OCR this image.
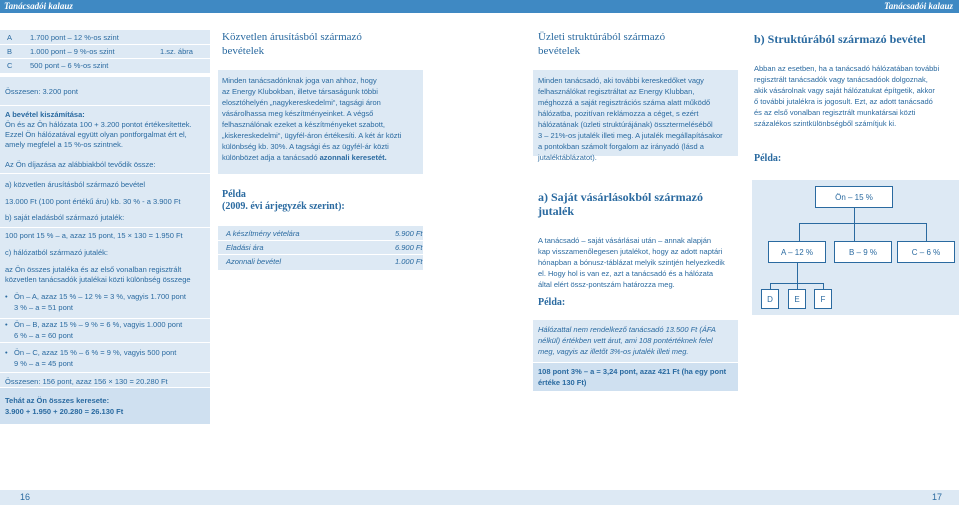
Tanácsadói kalauz	Tanácsadói kalauz
16	17
A 1.700 pont – 12 %-os szint
B 1.000 pont – 9 %-os szint	1.sz. ábra
C 500 pont – 6 %-os szint
Összesen: 3.200 pont
A bevétel kiszámítása:
Ön és az Ön hálózata 100 + 3.200 pontot értékesítettek.
Ezzel Ön hálózatával együtt olyan pontforgalmat ért el,
amely megfelel a 15 %-os szintnek.
Az Ön díjazása az alábbiakból tevődik össze:
a) közvetlen árusításból származó bevétel
13.000 Ft (100 pont értékű áru) kb. 30 % - a 3.900 Ft
b) saját eladásból származó jutalék:
100 pont 15 % – a, azaz 15 pont, 15 × 130 = 1.950 Ft
c) hálózatból származó jutalék:
az Ön összes jutaléka és az első vonalban regisztrált
közvetlen tanácsadók jutalékai közti különbség összege
• Ön – A, azaz 15 % – 12 % = 3 %, vagyis 1.700 pont
3 % – a = 51 pont
• Ön – B, azaz 15 % – 9 % = 6 %, vagyis 1.000 pont
6 % – a = 60 pont
• Ön – C, azaz 15 % – 6 % = 9 %, vagyis 500 pont
9 % – a = 45 pont
Összesen: 156 pont, azaz 156 × 130 = 20.280 Ft
Tehát az Ön összes keresete:
3.900 + 1.950 + 20.280 = 26.130 Ft
Közvetlen árusításból származó
bevételek
Minden tanácsadónknak joga van ahhoz, hogy
az Energy Klubokban, illetve társaságunk többi
elosztóhelyén „nagykereskedelmi“, tagsági áron
vásárolhassa meg készítményeinket. A végső
felhasználónak ezeket a készítményeket szabott,
„kiskereskedelmi“, ügyfél-áron értékesíti. A két ár közti
különbség kb. 30%. A tagsági és az ügyfél-ár közti
különbözet adja a tanácsadó azonnali keresetét.
Példa
(2009. évi árjegyzék szerint):
A készítmény vételára	5.900 Ft
Eladási ára	6.900 Ft
Azonnali bevétel	1.000 Ft
Üzleti struktúrából származó
bevételek
Minden tanácsadó, aki további kereskedőket vagy
felhasználókat regisztráltat az Energy Klubban,
méghozzá a saját regisztrációs száma alatt működő
hálózatba, pozitívan reklámozza a céget, s ezért
hálózatának (üzleti struktúrájának) össztermeléséből
3 – 21%-os jutalék illeti meg. A jutalék megállapításakor
a pontokban számolt forgalom az irányadó (lásd a
jutaléktáblázatot).
a) Saját vásárlásokból származó
jutalék
A tanácsadó – saját vásárlásai után – annak alapján
kap visszamenőlegesen jutalékot, hogy az adott naptári
hónapban a bónusz-táblázat melyik szintjén helyezkedik
el. Hogy hol is van ez, azt a tanácsadó és a hálózata
által elért össz-pontszám határozza meg.
Példa:
Hálózattal nem rendelkező tanácsadó 13.500 Ft (ÁFA
nélkül) értékben vett árut, ami 108 pontértéknek felel
meg, vagyis az illetőt 3%-os jutalék illeti meg.
108 pont 3% – a = 3,24 pont, azaz 421 Ft (ha egy pont
értéke 130 Ft)
b) Struktúrából származó bevétel
Abban az esetben, ha a tanácsadó hálózatában további
regisztrált tanácsadók vagy tanácsadóok dolgoznak,
akik vásárolnak vagy saját hálózatukat építgetik, akkor
ő további jutalékra is jogosult. Ezt, az adott tanácsadó
és az első vonalban regisztrált munkatársai közti
százalékos szintkülönbségből számítjuk ki.
Példa:
Ön – 15 %
A – 12 %	B – 9 %	C – 6 %
D	E	F
